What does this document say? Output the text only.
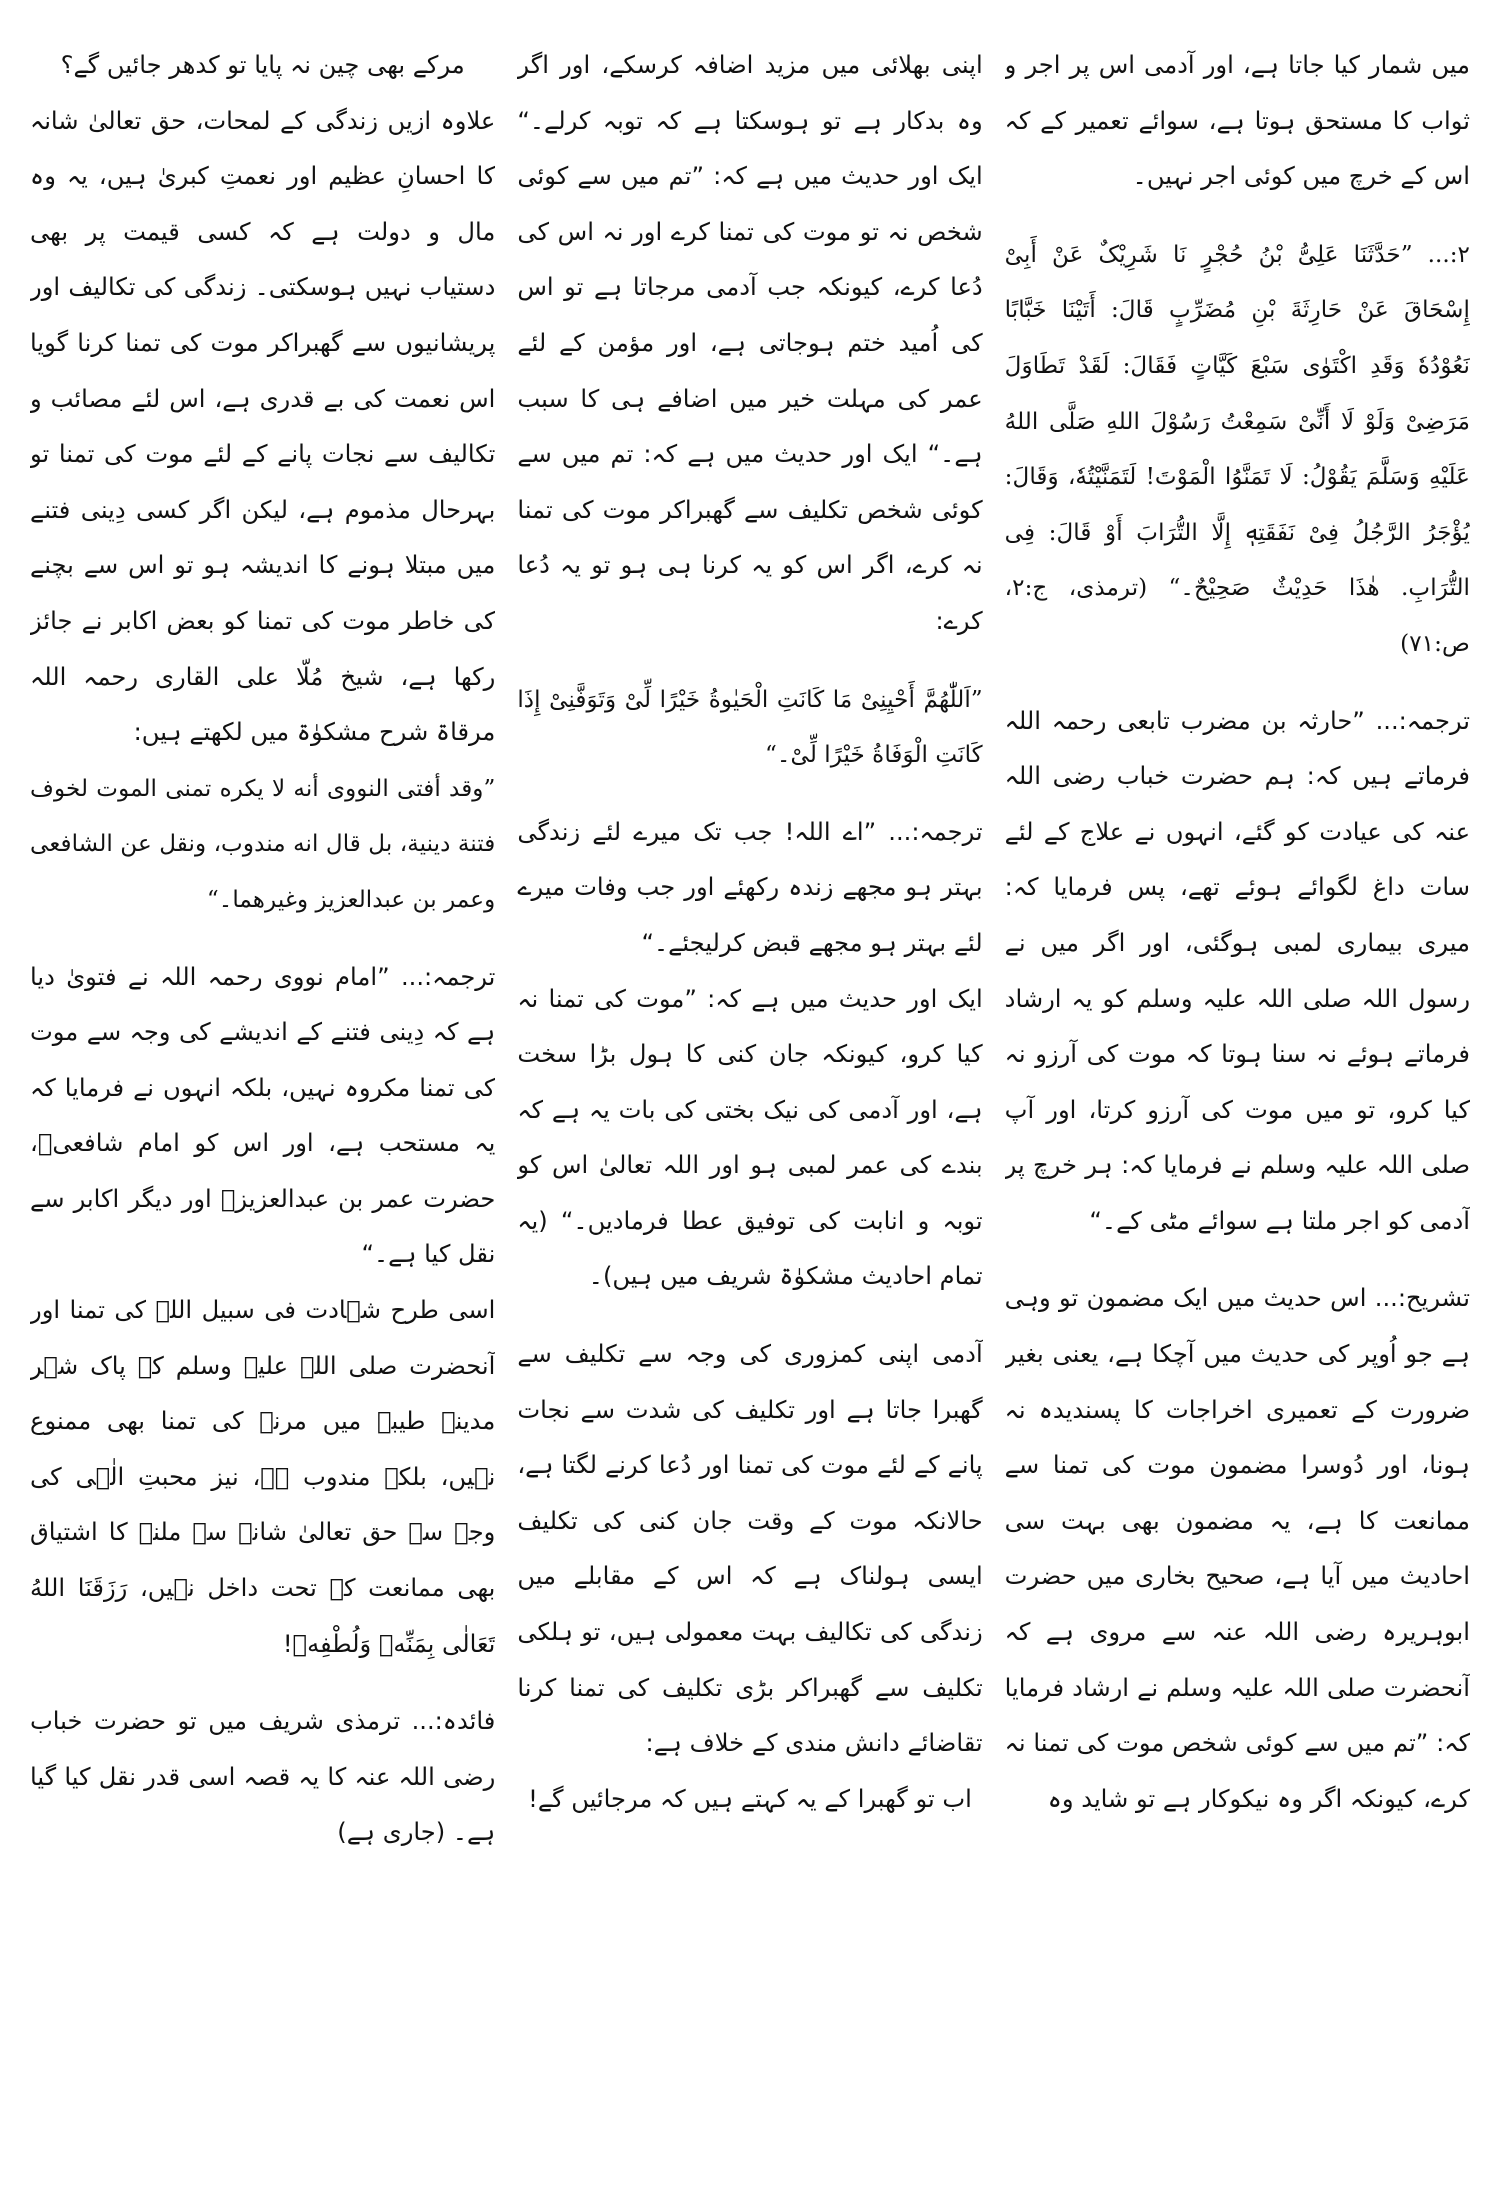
میں شمار کیا جاتا ہے، اور آدمی اس پر اجر و ثواب کا مستحق ہوتا ہے، سوائے تعمیر کے کہ اس کے خرچ میں کوئی اجر نہیں۔

۲:... ”حَدَّثَنَا عَلِیُّ بْنُ حُجْرٍ نَا شَرِیْکٌ عَنْ أَبِیْ إِسْحَاقَ عَنْ حَارِثَةَ بْنِ مُضَرِّبٍ قَالَ: أَتَیْنَا خَبَّابًا نَعُوْدُهٗ وَقَدِ اکْتَوٰی سَبْعَ کَیَّاتٍ فَقَالَ: لَقَدْ تَطَاوَلَ مَرَضِیْ وَلَوْ لَا أَنِّیْ سَمِعْتُ رَسُوْلَ اللهِ صَلَّی اللهُ عَلَیْهِ وَسَلَّمَ یَقُوْلُ: لَا تَمَنَّوُا الْمَوْتَ! لَتَمَنَّیْتُهٗ، وَقَالَ: یُؤْجَرُ الرَّجُلُ فِیْ نَفَقَتِهٖ إِلَّا التُّرَابَ أَوْ قَالَ: فِی التُّرَابِ. هٰذَا حَدِیْثٌ صَحِیْحٌ۔“ (ترمذی، ج:۲، ص:۷۱)

ترجمہ:... ”حارثہ بن مضرب تابعی رحمہ اللہ فرماتے ہیں کہ: ہم حضرت خباب رضی اللہ عنہ کی عیادت کو گئے، انہوں نے علاج کے لئے سات داغ لگوائے ہوئے تھے، پس فرمایا کہ: میری بیماری لمبی ہوگئی، اور اگر میں نے رسول اللہ صلی اللہ علیہ وسلم کو یہ ارشاد فرماتے ہوئے نہ سنا ہوتا کہ موت کی آرزو نہ کیا کرو، تو میں موت کی آرزو کرتا، اور آپ صلی اللہ علیہ وسلم نے فرمایا کہ: ہر خرچ پر آدمی کو اجر ملتا ہے سوائے مٹی کے۔“

تشریح:... اس حدیث میں ایک مضمون تو وہی ہے جو اُوپر کی حدیث میں آچکا ہے، یعنی بغیر ضرورت کے تعمیری اخراجات کا پسندیدہ نہ ہونا، اور دُوسرا مضمون موت کی تمنا سے ممانعت کا ہے، یہ مضمون بھی بہت سی احادیث میں آیا ہے، صحیح بخاری میں حضرت ابوہریرہ رضی اللہ عنہ سے مروی ہے کہ آنحضرت صلی اللہ علیہ وسلم نے ارشاد فرمایا کہ: ”تم میں سے کوئی شخص موت کی تمنا نہ کرے، کیونکہ اگر وہ نیکوکار ہے تو شاید وہ

اپنی بھلائی میں مزید اضافہ کرسکے، اور اگر وہ بدکار ہے تو ہوسکتا ہے کہ توبہ کرلے۔“ ایک اور حدیث میں ہے کہ: ”تم میں سے کوئی شخص نہ تو موت کی تمنا کرے اور نہ اس کی دُعا کرے، کیونکہ جب آدمی مرجاتا ہے تو اس کی اُمید ختم ہوجاتی ہے، اور مؤمن کے لئے عمر کی مہلت خیر میں اضافے ہی کا سبب ہے۔“ ایک اور حدیث میں ہے کہ: تم میں سے کوئی شخص تکلیف سے گھبراکر موت کی تمنا نہ کرے، اگر اس کو یہ کرنا ہی ہو تو یہ دُعا کرے:

”اَللّٰهُمَّ أَحْیِنِیْ مَا کَانَتِ الْحَیٰوةُ خَیْرًا لِّیْ وَتَوَفَّنِیْ إِذَا کَانَتِ الْوَفَاةُ خَیْرًا لِّیْ۔“

ترجمہ:... ”اے اللہ! جب تک میرے لئے زندگی بہتر ہو مجھے زندہ رکھئے اور جب وفات میرے لئے بہتر ہو مجھے قبض کرلیجئے۔“

ایک اور حدیث میں ہے کہ: ”موت کی تمنا نہ کیا کرو، کیونکہ جان کنی کا ہول بڑا سخت ہے، اور آدمی کی نیک بختی کی بات یہ ہے کہ بندے کی عمر لمبی ہو اور اللہ تعالیٰ اس کو توبہ و انابت کی توفیق عطا فرمادیں۔“ (یہ تمام احادیث مشکوٰۃ شریف میں ہیں)۔

آدمی اپنی کمزوری کی وجہ سے تکلیف سے گھبرا جاتا ہے اور تکلیف کی شدت سے نجات پانے کے لئے موت کی تمنا اور دُعا کرنے لگتا ہے، حالانکہ موت کے وقت جان کنی کی تکلیف ایسی ہولناک ہے کہ اس کے مقابلے میں زندگی کی تکالیف بہت معمولی ہیں، تو ہلکی تکلیف سے گھبراکر بڑی تکلیف کی تمنا کرنا تقاضائے دانش مندی کے خلاف ہے:

اب تو گھبرا کے یہ کہتے ہیں کہ مرجائیں گے!

مرکے بھی چین نہ پایا تو کدھر جائیں گے؟

علاوہ ازیں زندگی کے لمحات، حق تعالیٰ شانہ کا احسانِ عظیم اور نعمتِ کبریٰ ہیں، یہ وہ مال و دولت ہے کہ کسی قیمت پر بھی دستیاب نہیں ہوسکتی۔ زندگی کی تکالیف اور پریشانیوں سے گھبراکر موت کی تمنا کرنا گویا اس نعمت کی بے قدری ہے، اس لئے مصائب و تکالیف سے نجات پانے کے لئے موت کی تمنا تو بہرحال مذموم ہے، لیکن اگر کسی دِینی فتنے میں مبتلا ہونے کا اندیشہ ہو تو اس سے بچنے کی خاطر موت کی تمنا کو بعض اکابر نے جائز رکھا ہے، شیخ مُلّا علی القاری رحمہ اللہ مرقاۃ شرح مشکوٰۃ میں لکھتے ہیں:

”وقد أفتی النووی أنه لا یکره تمنی الموت لخوف فتنة دینیة، بل قال انه مندوب، ونقل عن الشافعی وعمر بن عبدالعزیز وغیرهما۔“

ترجمہ:... ”امام نووی رحمہ اللہ نے فتویٰ دیا ہے کہ دِینی فتنے کے اندیشے کی وجہ سے موت کی تمنا مکروہ نہیں، بلکہ انہوں نے فرمایا کہ یہ مستحب ہے، اور اس کو امام شافعیؒ، حضرت عمر بن عبدالعزیزؒ اور دیگر اکابر سے نقل کیا ہے۔“

اسی طرح شہادت فی سبیل اللہ کی تمنا اور آنحضرت صلی اللہ علیہ وسلم کے پاک شہر مدینہ طیبہ میں مرنے کی تمنا بھی ممنوع نہیں، بلکہ مندوب ہے، نیز محبتِ الٰہی کی وجہ سے حق تعالیٰ شانہ سے ملنے کا اشتیاق بھی ممانعت کے تحت داخل نہیں، رَزَقَنَا اللهُ تَعَالٰی بِمَنِّهٖ وَلُطْفِهٖ!

فائدہ:... ترمذی شریف میں تو حضرت خباب رضی اللہ عنہ کا یہ قصہ اسی قدر نقل کیا گیا ہے۔ (جاری ہے)
